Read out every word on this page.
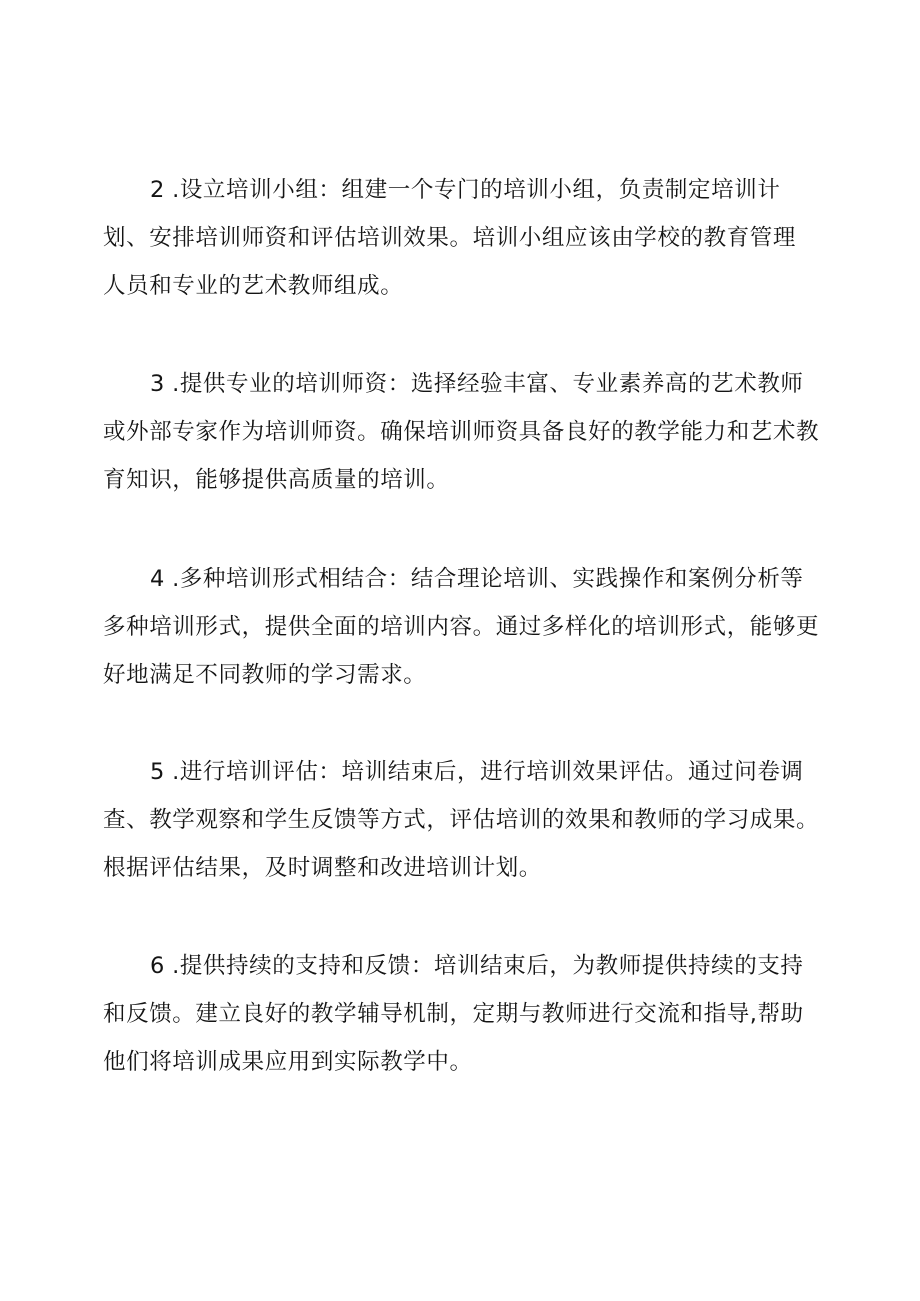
2 .设立培训小组：组建一个专门的培训小组，负责制定培训计
划、安排培训师资和评估培训效果。培训小组应该由学校的教育管理
人员和专业的艺术教师组成。
3 .提供专业的培训师资：选择经验丰富、专业素养高的艺术教师
或外部专家作为培训师资。确保培训师资具备良好的教学能力和艺术教
育知识，能够提供高质量的培训。
4 .多种培训形式相结合：结合理论培训、实践操作和案例分析等
多种培训形式，提供全面的培训内容。通过多样化的培训形式，能够更
好地满足不同教师的学习需求。
5 .进行培训评估：培训结束后，进行培训效果评估。通过问卷调
查、教学观察和学生反馈等方式，评估培训的效果和教师的学习成果。
根据评估结果，及时调整和改进培训计划。
6 .提供持续的支持和反馈：培训结束后，为教师提供持续的支持
和反馈。建立良好的教学辅导机制，定期与教师进行交流和指导,帮助
他们将培训成果应用到实际教学中。
